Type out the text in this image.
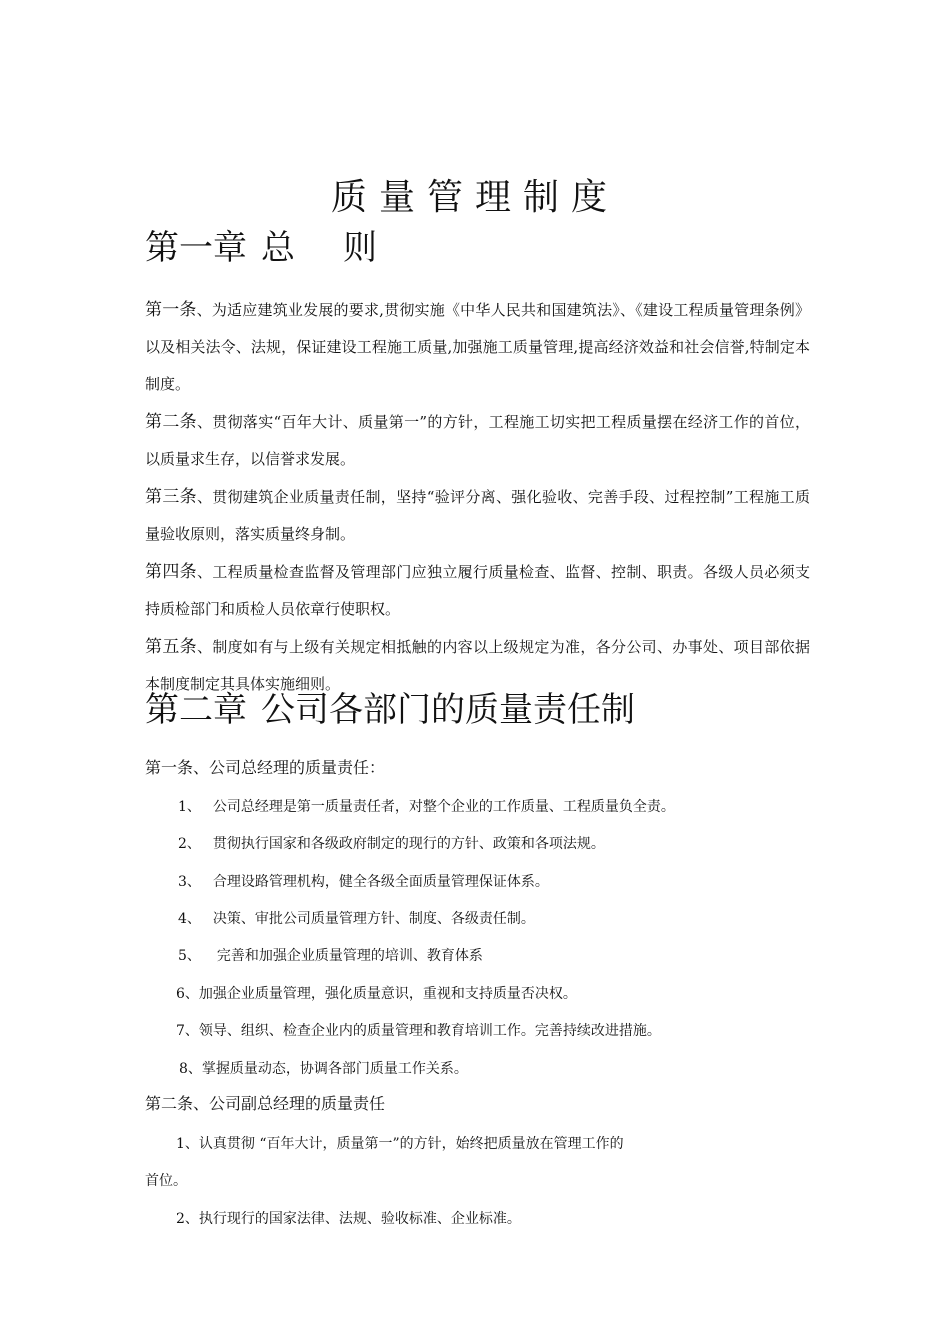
质量管理制度
第一章 总 则
第一条、为适应建筑业发展的要求,贯彻实施《中华人民共和国建筑法》、《建设工程质量管理条例》以及相关法令、法规，保证建设工程施工质量,加强施工质量管理,提高经济效益和社会信誉,特制定本制度。
第二条、贯彻落实“百年大计、质量第一”的方针，工程施工切实把工程质量摆在经济工作的首位，以质量求生存，以信誉求发展。
第三条、贯彻建筑企业质量责任制，坚持“验评分离、强化验收、完善手段、过程控制”工程施工质量验收原则，落实质量终身制。
第四条、工程质量检查监督及管理部门应独立履行质量检查、监督、控制、职责。各级人员必须支持质检部门和质检人员依章行使职权。
第五条、制度如有与上级有关规定相抵触的内容以上级规定为准，各分公司、办事处、项目部依据本制度制定其具体实施细则。
第二章 公司各部门的质量责任制
第一条、公司总经理的质量责任：
1、 公司总经理是第一质量责任者，对整个企业的工作质量、工程质量负全责。
2、 贯彻执行国家和各级政府制定的现行的方针、政策和各项法规。
3、 合理设路管理机构，健全各级全面质量管理保证体系。
4、 决策、审批公司质量管理方针、制度、各级责任制。
5、 完善和加强企业质量管理的培训、教育体系
6、加强企业质量管理，强化质量意识，重视和支持质量否决权。
7、领导、组织、检查企业内的质量管理和教育培训工作。完善持续改进措施。
8、掌握质量动态，协调各部门质量工作关系。
第二条、公司副总经理的质量责任
1、认真贯彻 “百年大计，质量第一”的方针，始终把质量放在管理工作的
首位。
2、执行现行的国家法律、法规、验收标准、企业标准。
